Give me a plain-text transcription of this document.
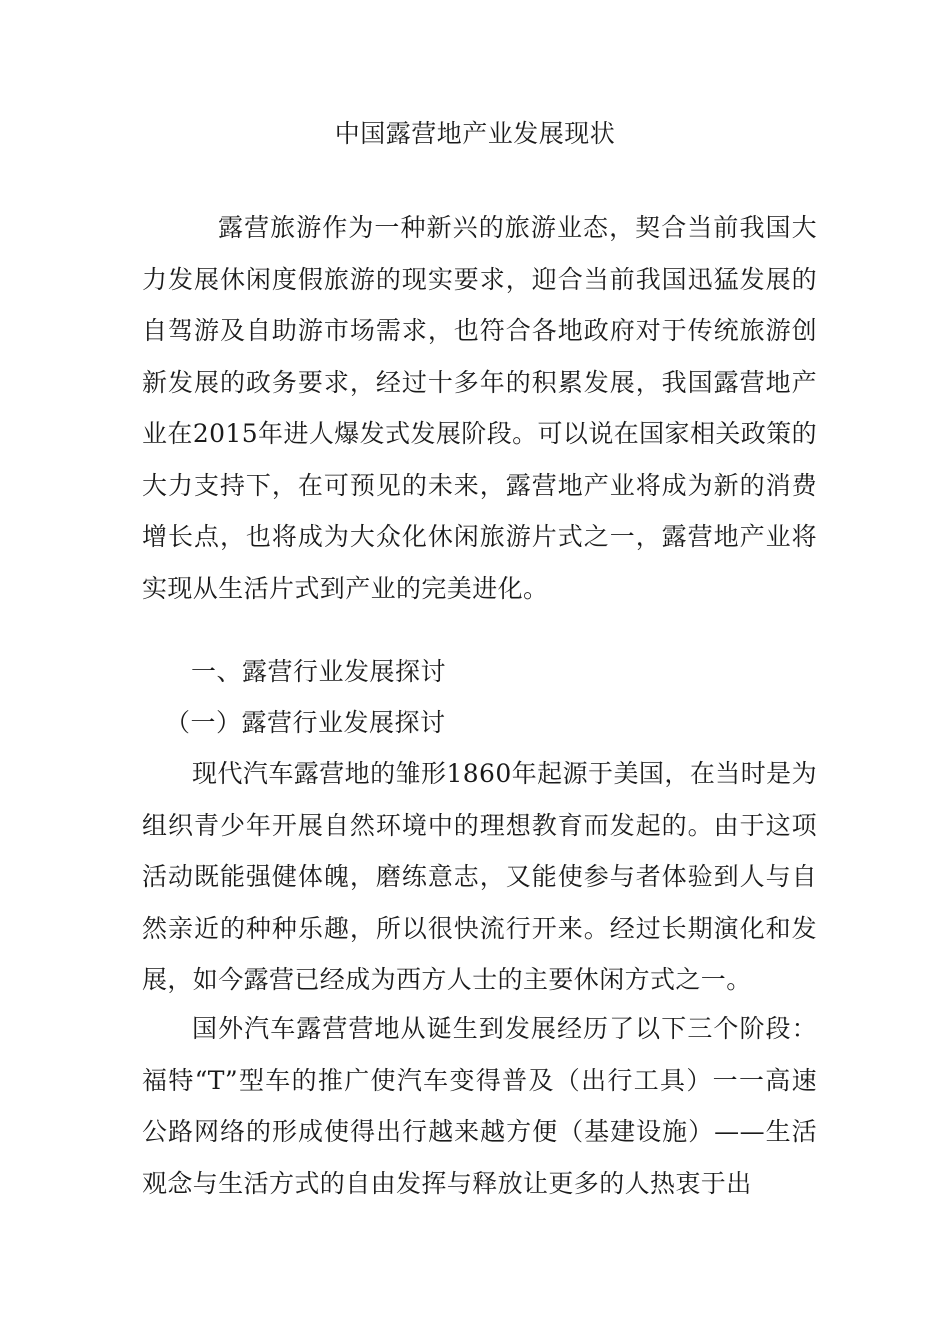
中国露营地产业发展现状

露营旅游作为一种新兴的旅游业态，契合当前我国大力发展休闲度假旅游的现实要求，迎合当前我国迅猛发展的自驾游及自助游市场需求，也符合各地政府对于传统旅游创新发展的政务要求，经过十多年的积累发展，我国露营地产业在2015年进人爆发式发展阶段。可以说在国家相关政策的大力支持下，在可预见的未来，露营地产业将成为新的消费增长点，也将成为大众化休闲旅游片式之一，露营地产业将实现从生活片式到产业的完美进化。

一、露营行业发展探讨
（一）露营行业发展探讨

现代汽车露营地的雏形1860年起源于美国，在当时是为组织青少年开展自然环境中的理想教育而发起的。由于这项活动既能强健体魄，磨练意志，又能使参与者体验到人与自然亲近的种种乐趣，所以很快流行开来。经过长期演化和发展，如今露营已经成为西方人士的主要休闲方式之一。

国外汽车露营营地从诞生到发展经历了以下三个阶段：福特“T”型车的推广使汽车变得普及（出行工具）一一高速公路网络的形成使得出行越来越方便（基建设施）——生活观念与生活方式的自由发挥与释放让更多的人热衷于出
